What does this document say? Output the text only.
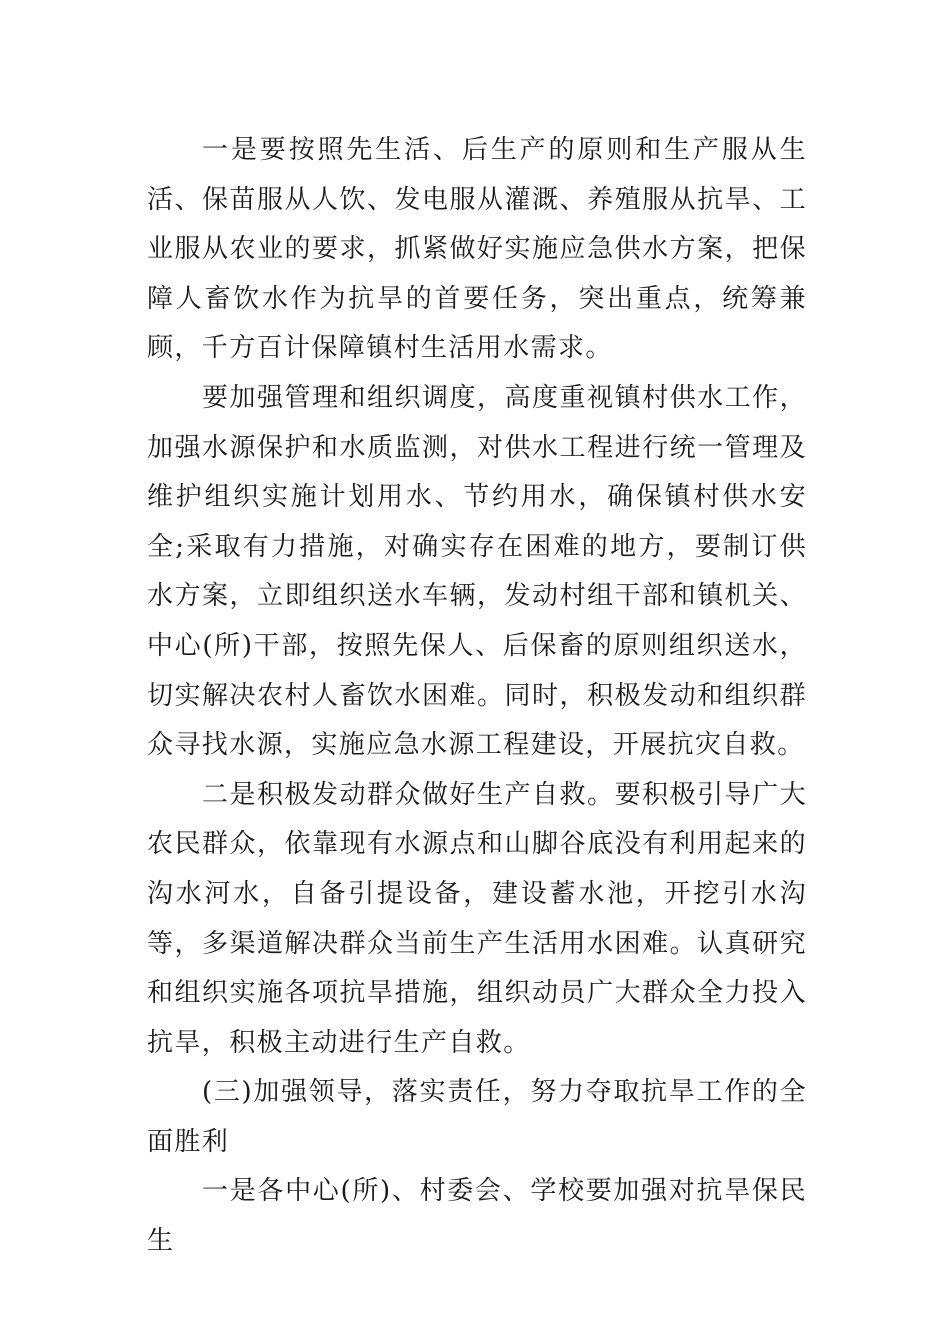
一是要按照先生活、后生产的原则和生产服从生活、保苗服从人饮、发电服从灌溉、养殖服从抗旱、工业服从农业的要求，抓紧做好实施应急供水方案，把保障人畜饮水作为抗旱的首要任务，突出重点，统筹兼顾，千方百计保障镇村生活用水需求。

要加强管理和组织调度，高度重视镇村供水工作，加强水源保护和水质监测，对供水工程进行统一管理及维护组织实施计划用水、节约用水，确保镇村供水安全;采取有力措施，对确实存在困难的地方，要制订供水方案，立即组织送水车辆，发动村组干部和镇机关、中心(所)干部，按照先保人、后保畜的原则组织送水，切实解决农村人畜饮水困难。同时，积极发动和组织群众寻找水源，实施应急水源工程建设，开展抗灾自救。

二是积极发动群众做好生产自救。要积极引导广大农民群众，依靠现有水源点和山脚谷底没有利用起来的沟水河水，自备引提设备，建设蓄水池，开挖引水沟等，多渠道解决群众当前生产生活用水困难。认真研究和组织实施各项抗旱措施，组织动员广大群众全力投入抗旱，积极主动进行生产自救。

(三)加强领导，落实责任，努力夺取抗旱工作的全面胜利

一是各中心(所)、村委会、学校要加强对抗旱保民生
